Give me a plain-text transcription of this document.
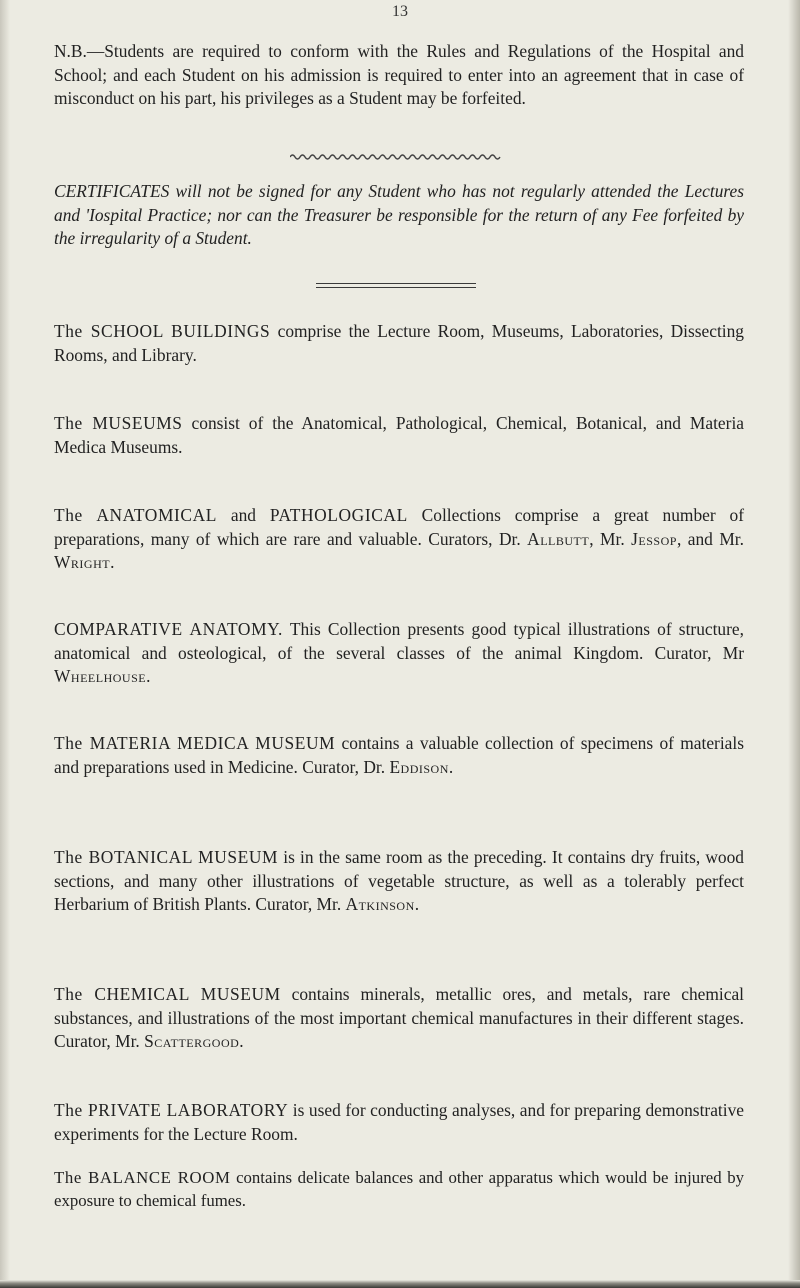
13

N.B.—Students are required to conform with the Rules and Regulations of the Hospital and School; and each Student on his admission is required to enter into an agreement that in case of misconduct on his part, his privileges as a Student may be forfeited.

CERTIFICATES will not be signed for any Student who has not regularly attended the Lectures and 'Iospital Practice; nor can the Treasurer be responsible for the return of any Fee forfeited by the irregularity of a Student.

The SCHOOL BUILDINGS comprise the Lecture Room, Museums, Laboratories, Dissecting Rooms, and Library.

The MUSEUMS consist of the Anatomical, Pathological, Chemical, Botanical, and Materia Medica Museums.

The ANATOMICAL and PATHOLOGICAL Collections comprise a great number of preparations, many of which are rare and valuable. Curators, Dr. Allbutt, Mr. Jessop, and Mr. Wright.

COMPARATIVE ANATOMY. This Collection presents good typical illustrations of structure, anatomical and osteological, of the several classes of the animal Kingdom. Curator, Mr Wheelhouse.

The MATERIA MEDICA MUSEUM contains a valuable collection of specimens of materials and preparations used in Medicine. Curator, Dr. Eddison.

The BOTANICAL MUSEUM is in the same room as the preceding. It contains dry fruits, wood sections, and many other illustrations of vegetable structure, as well as a tolerably perfect Herbarium of British Plants. Curator, Mr. Atkinson.

The CHEMICAL MUSEUM contains minerals, metallic ores, and metals, rare chemical substances, and illustrations of the most important chemical manufactures in their different stages. Curator, Mr. Scattergood.

The PRIVATE LABORATORY is used for conducting analyses, and for preparing demonstrative experiments for the Lecture Room.

The BALANCE ROOM contains delicate balances and other apparatus which would be injured by exposure to chemical fumes.
